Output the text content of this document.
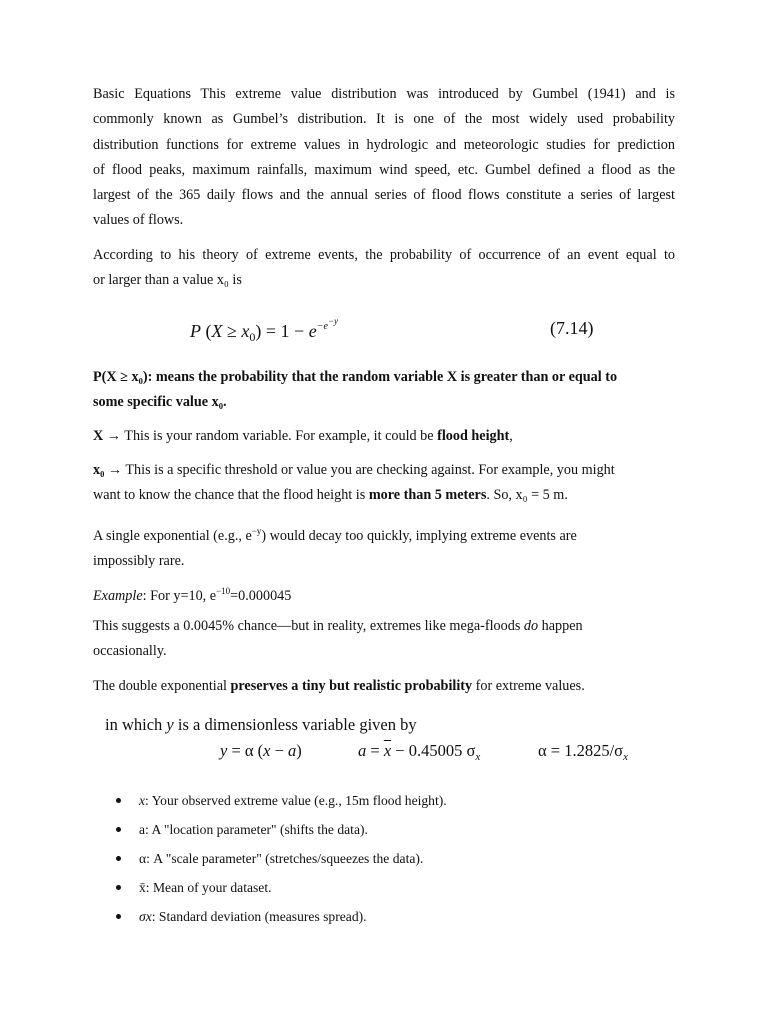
Basic Equations This extreme value distribution was introduced by Gumbel (1941) and is
commonly known as Gumbel’s distribution. It is one of the most widely used probability
distribution functions for extreme values in hydrologic and meteorologic studies for prediction
of flood peaks, maximum rainfalls, maximum wind speed, etc. Gumbel defined a flood as the
largest of the 365 daily flows and the annual series of flood flows constitute a series of largest
values of flows.
According to his theory of extreme events, the probability of occurrence of an event equal to
or larger than a value x₀ is
P $(X \ge x_0) = 1 - e^{-e^{-y}}$	(7.14)
P(X ≥ x₀): means the probability that the random variable X is greater than or equal to
some specific value x₀.
X → This is your random variable. For example, it could be flood height,
x₀ → This is a specific threshold or value you are checking against. For example, you might
want to know the chance that the flood height is more than 5 meters. So, x₀ = 5 m.
A single exponential (e.g., $e^{-y}$) would decay too quickly, implying extreme events are
impossibly rare.
Example: For y=10, $e^{-10}=0.000045$
This suggests a 0.0045% chance—but in reality, extremes like mega-floods do happen
occasionally.
The double exponential preserves a tiny but realistic probability for extreme values.
in which y is a dimensionless variable given by
y = α (x − a)	$a = \overline{x} - 0.45005$ $\sigma_x$	$\alpha = 1.2825/\sigma_x$
x: Your observed extreme value (e.g., 15m flood height).
a: A "location parameter" (shifts the data).
α: A "scale parameter" (stretches/squeezes the data).
x̄: Mean of your dataset.
σx: Standard deviation (measures spread).
